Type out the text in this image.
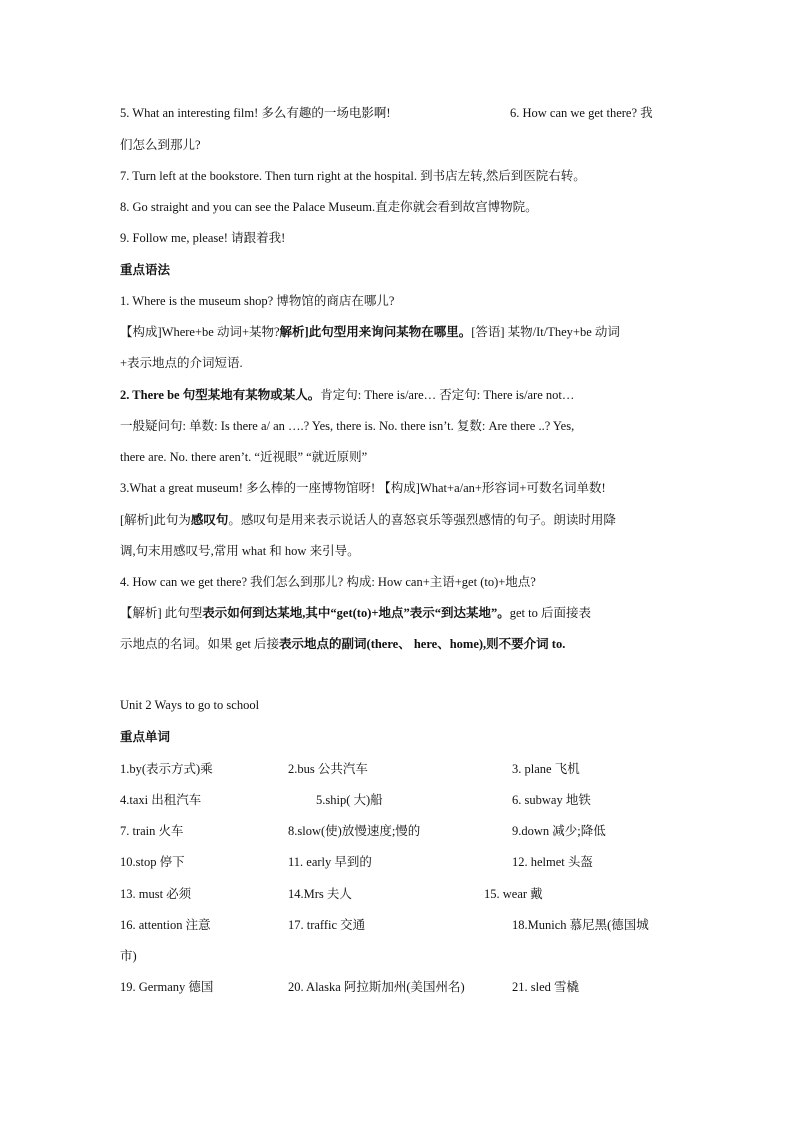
5. What an interesting film! 多么有趣的一场电影啊!	6. How can we get there? 我
们怎么到那儿?
7. Turn left at the bookstore. Then turn right at the hospital. 到书店左转,然后到医院右转。
8. Go straight and you can see the Palace Museum.直走你就会看到故宫博物院。
9. Follow me, please! 请跟着我!
重点语法
1. Where is the museum shop? 博物馆的商店在哪儿?
【构成]Where+be 动词+某物?解析]此句型用来询问某物在哪里。[答语] 某物/It/They+be 动词
+表示地点的介词短语.
2. There be 句型某地有某物或某人。肯定句: There is/are… 否定句: There is/are not…
一般疑问句: 单数: Is there a/ an ….? Yes, there is. No. there isn’t. 复数: Are there ..? Yes,
there are. No. there aren’t. “近视眼” “就近原则”
3.What a great museum! 多么棒的一座博物馆呀! 【构成]What+a/an+形容词+可数名词单数!
[解析]此句为感叹句。感叹句是用来表示说话人的喜怒哀乐等强烈感情的句子。朗读时用降
调,句末用感叹号,常用 what 和 how 来引导。
4. How can we get there? 我们怎么到那儿? 构成: How can+主语+get (to)+地点?
【解析] 此句型表示如何到达某地,其中“get(to)+地点”表示“到达某地”。get to 后面接表
示地点的名词。如果 get 后接表示地点的副词(there、 here、home),则不要介词 to.
Unit 2 Ways to go to school
重点单词
1.by(表示方式)乘	2.bus 公共汽车	3. plane 飞机
4.taxi 出租汽车	5.ship( 大)船	6. subway 地铁
7. train 火车	8.slow(使)放慢速度;慢的	9.down 减少;降低
10.stop 停下	11. early 早到的	12. helmet 头盔
13. must 必须	14.Mrs 夫人	15. wear 戴
16. attention 注意	17. traffic 交通	18.Munich 慕尼黑(德国城
市)
19. Germany 德国	20. Alaska 阿拉斯加州(美国州名)	21. sled 雪橇
